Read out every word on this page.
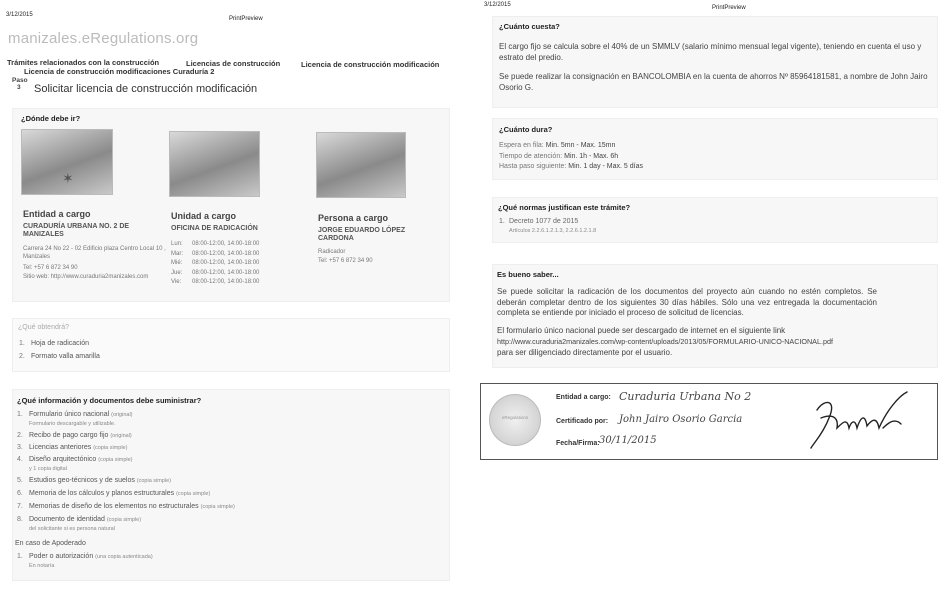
3/12/2015
PrintPreview
manizales.eRegulations.org
Trámites relacionados con la construcción	Licencias de construcción	Licencia de construcción modificación
Licencia de construcción modificaciones Curaduría 2
Paso
3 Solicitar licencia de construcción modificación
¿Dónde debe ir?
✶
Entidad a cargo
CURADURÍA URBANA NO. 2 DE MANIZALES
Carrera 24 No 22 - 02 Edificio plaza Centro Local 10 , Manizales
Tel: +57 6 872 34 90
Sitio web: http://www.curaduria2manizales.com
Unidad a cargo
OFICINA DE RADICACIÓN
Lun: 08:00-12:00, 14:00-18:00
Mar: 08:00-12:00, 14:00-18:00
Mié: 08:00-12:00, 14:00-18:00
Jue: 08:00-12:00, 14:00-18:00
Vie: 08:00-12:00, 14:00-18:00
Persona a cargo
JORGE EDUARDO LÓPEZ CARDONA
Radicador
Tel: +57 6 872 34 90
¿Qué obtendrá?
1. Hoja de radicación
2. Formato valla amarilla
¿Qué información y documentos debe suministrar?
1. Formulario único nacional (original)
Formulario descargable y utilizable.
2. Recibo de pago cargo fijo (original)
3. Licencias anteriores (copia simple)
4. Diseño arquitectónico (copia simple)
y 1 copia digital
5. Estudios geo-técnicos y de suelos (copia simple)
6. Memoria de los cálculos y planos estructurales (copia simple)
7. Memorias de diseño de los elementos no estructurales (copia simple)
8. Documento de identidad (copia simple)
del solicitante si es persona natural
En caso de Apoderado
1. Poder o autorización (una copia autenticada)
En notaría
3/12/2015	PrintPreview
¿Cuánto cuesta?
El cargo fijo se calcula sobre el 40% de un SMMLV (salario mínimo mensual legal vigente), teniendo en cuenta el uso y estrato del predio.
Se puede realizar la consignación en BANCOLOMBIA en la cuenta de ahorros Nº 85964181581, a nombre de John Jairo Osorio G.
¿Cuánto dura?
Espera en fila: Min. 5mn - Max. 15mn
Tiempo de atención: Min. 1h - Max. 6h
Hasta paso siguiente: Min. 1 day - Max. 5 días
¿Qué normas justifican este trámite?
1. Decreto 1077 de 2015
Artículos 2.2.6.1.2.1.3, 2.2.6.1.2.1.8
Es bueno saber...
Se puede solicitar la radicación de los documentos del proyecto aún cuando no estén completos. Se deberán completar dentro de los siguientes 30 días hábiles. Sólo una vez entregada la documentación completa se entiende por iniciado el proceso de solicitud de licencias.
El formulario único nacional puede ser descargado de internet en el siguiente link
http://www.curaduria2manizales.com/wp-content/uploads/2013/05/FORMULARIO-UNICO-NACIONAL.pdf
para ser diligenciado directamente por el usuario.
eRegulations
Entidad a cargo: Curaduria Urbana No 2
Certificado por: John Jairo Osorio Garcia
Fecha/Firma: 30/11/2015
